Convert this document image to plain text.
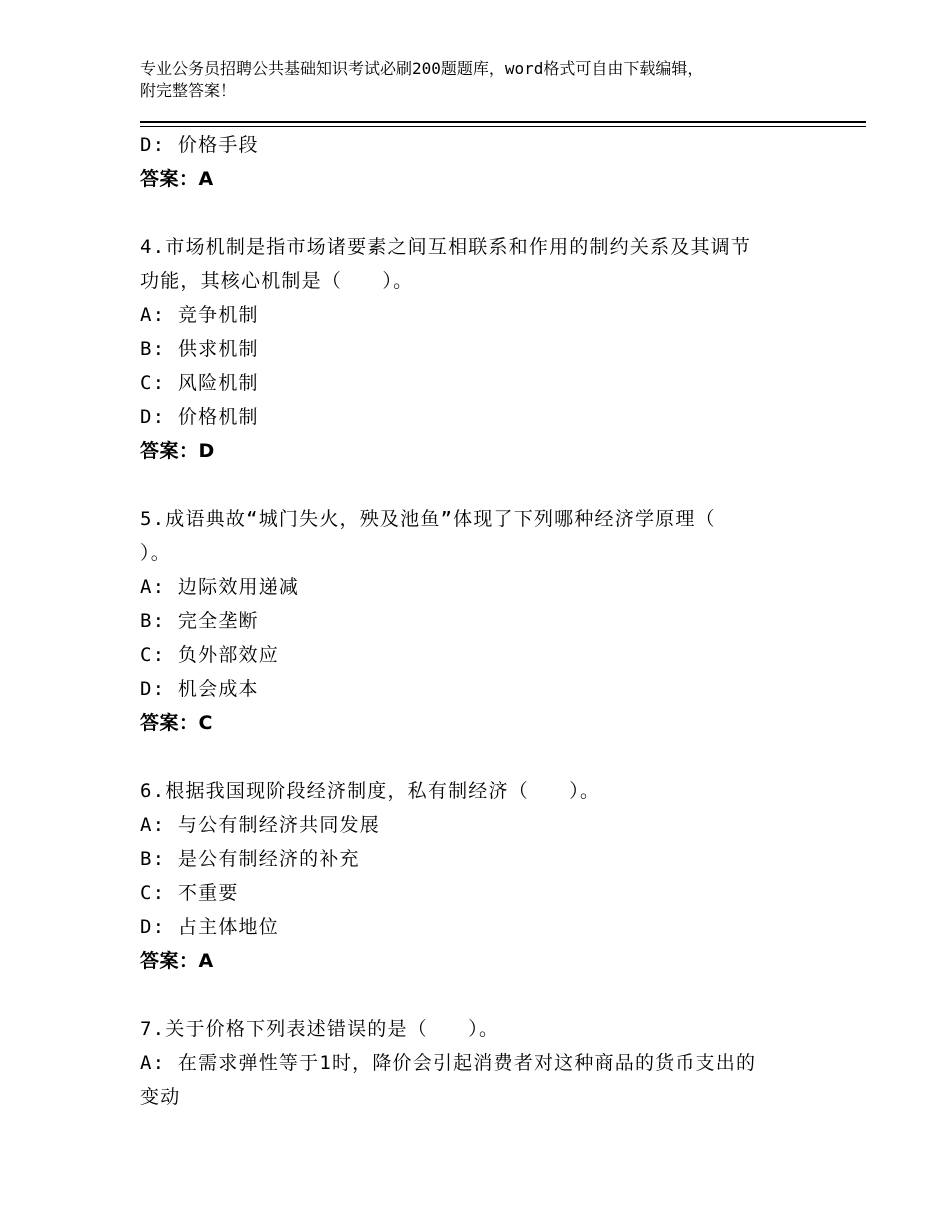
专业公务员招聘公共基础知识考试必刷200题题库，word格式可自由下载编辑，
附完整答案！
D: 价格手段
答案：A
4.市场机制是指市场诸要素之间互相联系和作用的制约关系及其调节
功能，其核心机制是（　　）。
A: 竞争机制
B: 供求机制
C: 风险机制
D: 价格机制
答案：D
5.成语典故“城门失火，殃及池鱼”体现了下列哪种经济学原理（
）。
A: 边际效用递减
B: 完全垄断
C: 负外部效应
D: 机会成本
答案：C
6.根据我国现阶段经济制度，私有制经济（　　）。
A: 与公有制经济共同发展
B: 是公有制经济的补充
C: 不重要
D: 占主体地位
答案：A
7.关于价格下列表述错误的是（　　）。
A: 在需求弹性等于1时，降价会引起消费者对这种商品的货币支出的
变动
